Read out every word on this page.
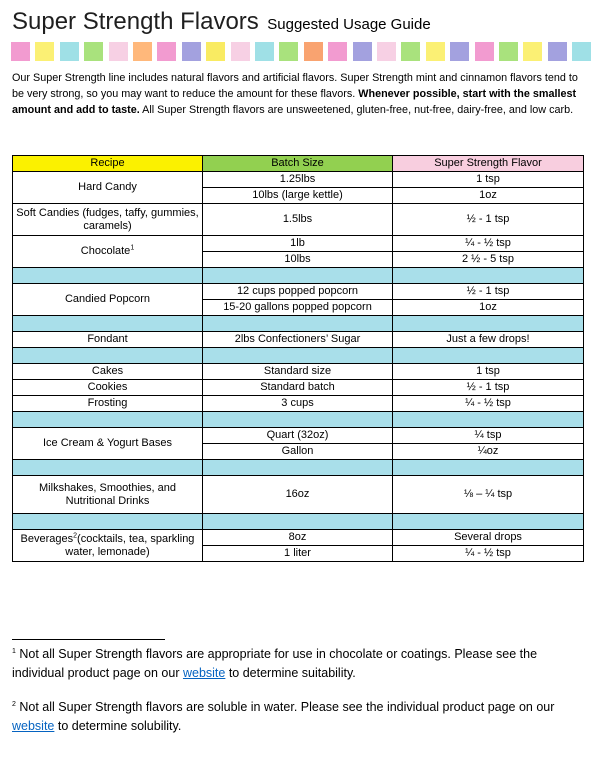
Super Strength Flavors Suggested Usage Guide
Our Super Strength line includes natural flavors and artificial flavors. Super Strength mint and cinnamon flavors tend to be very strong, so you may want to reduce the amount for these flavors. Whenever possible, start with the smallest amount and add to taste. All Super Strength flavors are unsweetened, gluten-free, nut-free, dairy-free, and low carb.
Recipe	Batch Size	Super Strength Flavor
Hard Candy	1.25lbs	1 tsp
	10lbs (large kettle)	1oz
Soft Candies (fudges, taffy, gummies, caramels)	1.5lbs	½ - 1 tsp
Chocolate$^1$	1lb	¼ - ½ tsp
	10lbs	2 ½ - 5 tsp

Candied Popcorn	12 cups popped popcorn	½ - 1 tsp
	15-20 gallons popped popcorn	1oz

Fondant	2lbs Confectioners’ Sugar	Just a few drops!

Cakes	Standard size	1 tsp
Cookies	Standard batch	½ - 1 tsp
Frosting	3 cups	¼ - ½ tsp

Ice Cream & Yogurt Bases	Quart (32oz)	¼ tsp
	Gallon	¼oz

Milkshakes, Smoothies, and Nutritional Drinks	16oz	⅛ – ¼ tsp

Beverages$^2$(cocktails, tea, sparkling water, lemonade)	8oz	Several drops
	1 liter	¼ - ½ tsp
$^1$ Not all Super Strength flavors are appropriate for use in chocolate or coatings. Please see the individual product page on our website to determine suitability.
$^2$ Not all Super Strength flavors are soluble in water. Please see the individual product page on our website to determine solubility.
